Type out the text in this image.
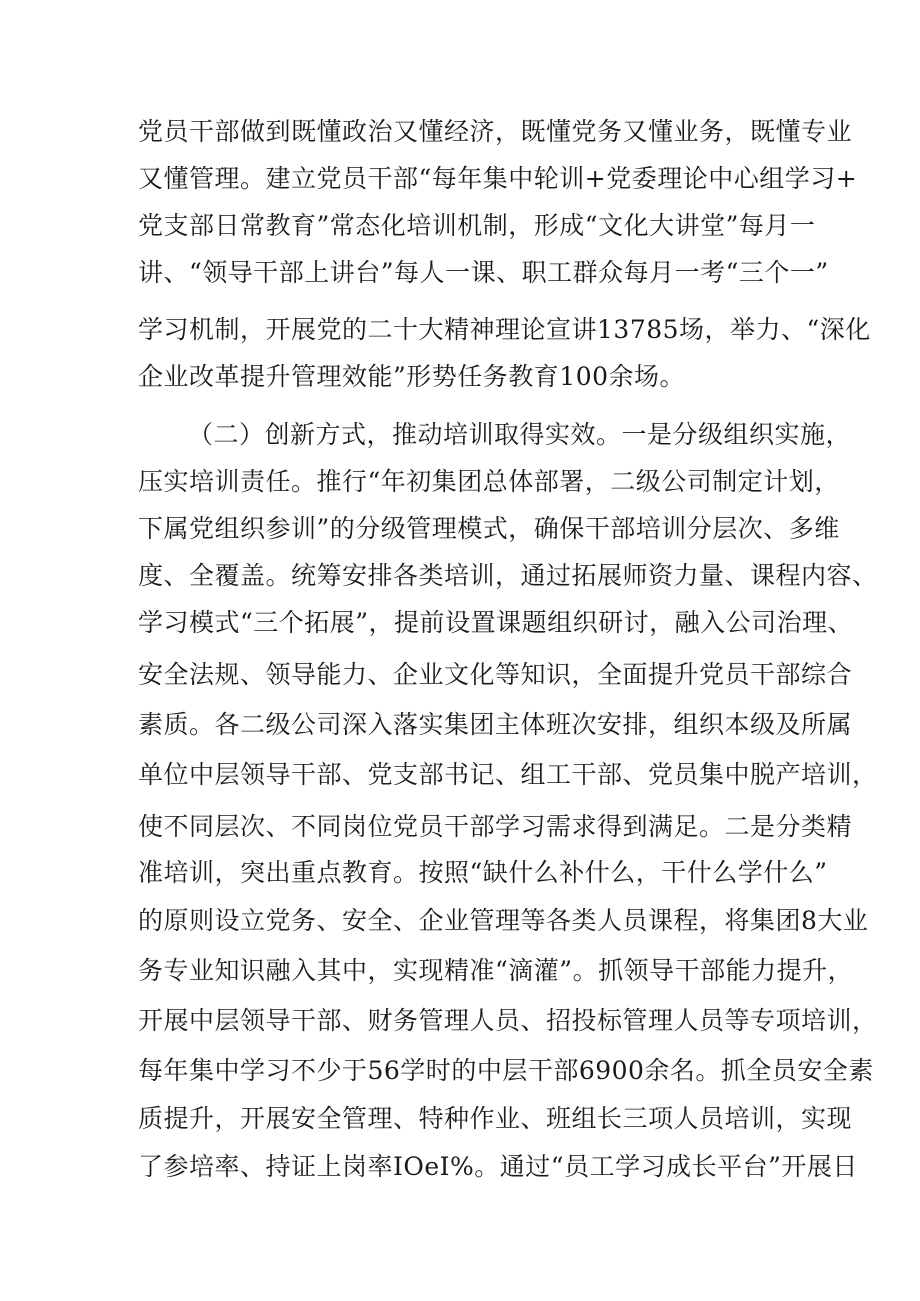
党员干部做到既懂政治又懂经济，既懂党务又懂业务，既懂专业
又懂管理。建立党员干部“每年集中轮训+党委理论中心组学习+
党支部日常教育”常态化培训机制，形成“文化大讲堂”每月一
讲、“领导干部上讲台”每人一课、职工群众每月一考“三个一”
学习机制，开展党的二十大精神理论宣讲13785场，举力、“深化
企业改革提升管理效能”形势任务教育100余场。
（二）创新方式，推动培训取得实效。一是分级组织实施，
压实培训责任。推行“年初集团总体部署，二级公司制定计划，
下属党组织参训”的分级管理模式，确保干部培训分层次、多维
度、全覆盖。统筹安排各类培训，通过拓展师资力量、课程内容、
学习模式“三个拓展”，提前设置课题组织研讨，融入公司治理、
安全法规、领导能力、企业文化等知识，全面提升党员干部综合
素质。各二级公司深入落实集团主体班次安排，组织本级及所属
单位中层领导干部、党支部书记、组工干部、党员集中脱产培训，
使不同层次、不同岗位党员干部学习需求得到满足。二是分类精
准培训，突出重点教育。按照“缺什么补什么，干什么学什么”
的原则设立党务、安全、企业管理等各类人员课程，将集团8大业
务专业知识融入其中，实现精准“滴灌”。抓领导干部能力提升，
开展中层领导干部、财务管理人员、招投标管理人员等专项培训，
每年集中学习不少于56学时的中层干部6900余名。抓全员安全素
质提升，开展安全管理、特种作业、班组长三项人员培训，实现
了参培率、持证上岗率IOeI%。通过“员工学习成长平台”开展日
